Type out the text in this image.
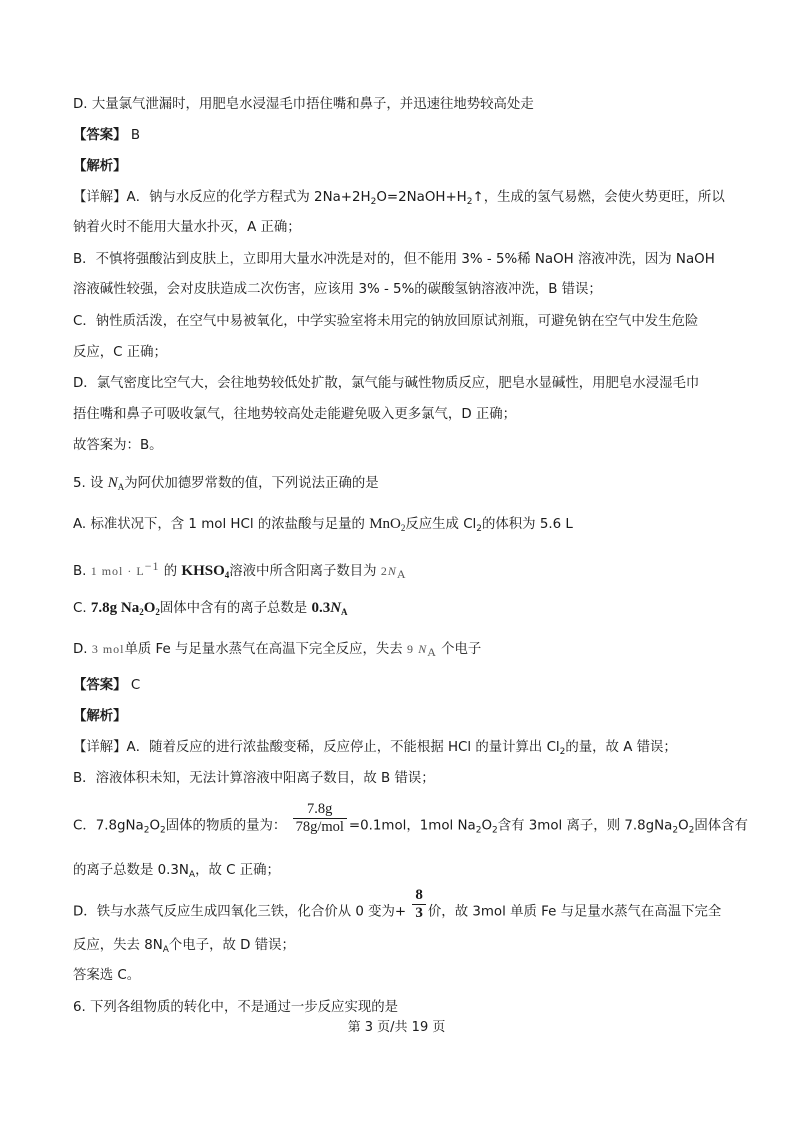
D. 大量氯气泄漏时，用肥皂水浸湿毛巾捂住嘴和鼻子，并迅速往地势较高处走
【答案】 B
【解析】
【详解】A．钠与水反应的化学方程式为 $2Na+2H_2O=2NaOH+H_2↑$，生成的氢气易燃，会使火势更旺，所以
钠着火时不能用大量水扑灭，A 正确；
B．不慎将强酸沾到皮肤上，立即用大量水冲洗是对的，但不能用 3% - 5%稀 NaOH 溶液冲洗，因为 NaOH
溶液碱性较强，会对皮肤造成二次伤害，应该用 3% - 5%的碳酸氢钠溶液冲洗，B 错误；
C．钠性质活泼，在空气中易被氧化，中学实验室将未用完的钠放回原试剂瓶，可避免钠在空气中发生危险
反应，C 正确；
D．氯气密度比空气大，会往地势较低处扩散，氯气能与碱性物质反应，肥皂水显碱性，用肥皂水浸湿毛巾
捂住嘴和鼻子可吸收氯气，往地势较高处走能避免吸入更多氯气，D 正确；
故答案为：B。
5. 设 $N_A$为阿伏加德罗常数的值，下列说法正确的是
A. 标准状况下，含 1 mol HCl 的浓盐酸与足量的 MnO$_2$反应生成 $Cl_2$的体积为 5.6 L
B. 1 mol · L−1 的 $KHSO_4$溶液中所含阳离子数目为 2NA
C. 7.8g $Na_2O_2$固体中含有的离子总数是 $0.3N_A$
D. 3 mol单质 Fe 与足量水蒸气在高温下完全反应，失去 9 NA 个电子
【答案】 C
【解析】
【详解】A．随着反应的进行浓盐酸变稀，反应停止，不能根据 HCl 的量计算出 $Cl_2$的量，故 A 错误；
B．溶液体积未知，无法计算溶液中阳离子数目，故 B 错误；
C．$7.8gNa_2O_2$固体的物质的量为： $\frac{7.8g}{\text{78g/mol}} =0.1mol$，1mol $Na_2O_2$含有 3mol 离子，则 $7.8gNa_2O_2$固体含有
的离子总数是 $0.3N_A$，故 C 正确；
D．铁与水蒸气反应生成四氧化三铁，化合价从 0 变为+ $\frac{8}{3}$ 价，故 3mol 单质 Fe 与足量水蒸气在高温下完全
反应，失去 $8N_A$个电子，故 D 错误；
答案选 C。
6. 下列各组物质的转化中，不是通过一步反应实现的是
第 3 页/共 19 页
